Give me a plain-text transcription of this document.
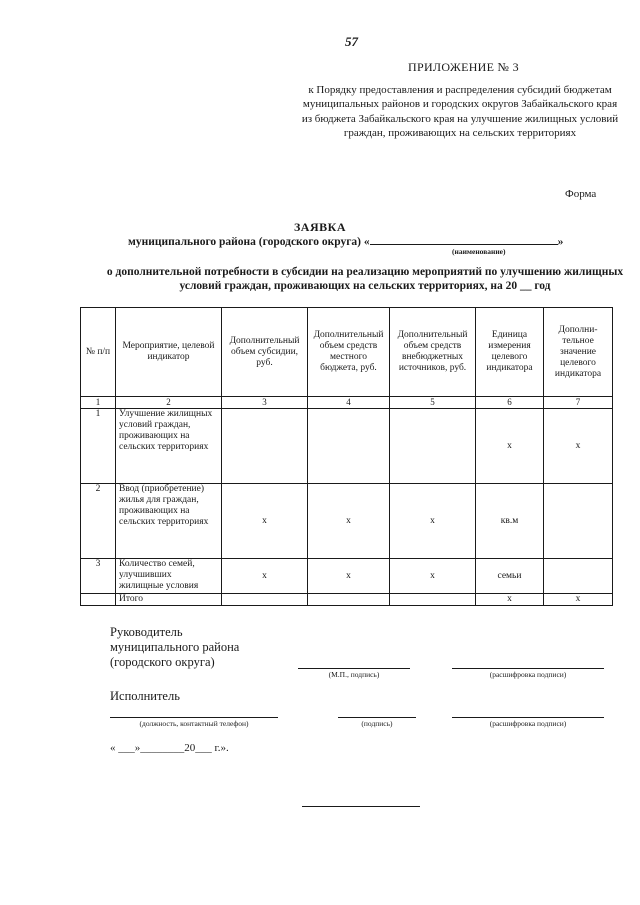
57
ПРИЛОЖЕНИЕ № 3
к Порядку предоставления и распределения субсидий бюджетам муниципальных районов и городских округов Забайкальского края из бюджета Забайкальского края на улучшение жилищных условий граждан, проживающих на сельских территориях
Форма
ЗАЯВКА
муниципального района (городского округа) «	»
(наименование)
о дополнительной потребности в субсидии на реализацию мероприятий по улучшению жилищных условий граждан, проживающих на сельских территориях, на 20 __ год
№ п/п	Мероприятие, целевой индикатор	Дополнительный объем субсидии, руб.	Дополнительный объем средств местного бюджета, руб.	Дополнительный объем средств внебюджетных источников, руб.	Единица измерения целевого индикатора	Дополни-тельное значение целевого индикатора
1	2	3	4	5	6	7
1	Улучшение жилищных условий граждан, проживающих на сельских территориях				х	х
2	Ввод (приобретение) жилья для граждан, проживающих на сельских территориях	х	х	х	кв.м	
3	Количество семей, улучшивших жилищные условия	х	х	х	семьи	
	Итого				х	х
Руководитель
муниципального района
(городского округа)
(М.П., подпись)	(расшифровка подписи)
Исполнитель
(должность, контактный телефон)	(подпись)	(расшифровка подписи)
« ___»________20___ г.».
